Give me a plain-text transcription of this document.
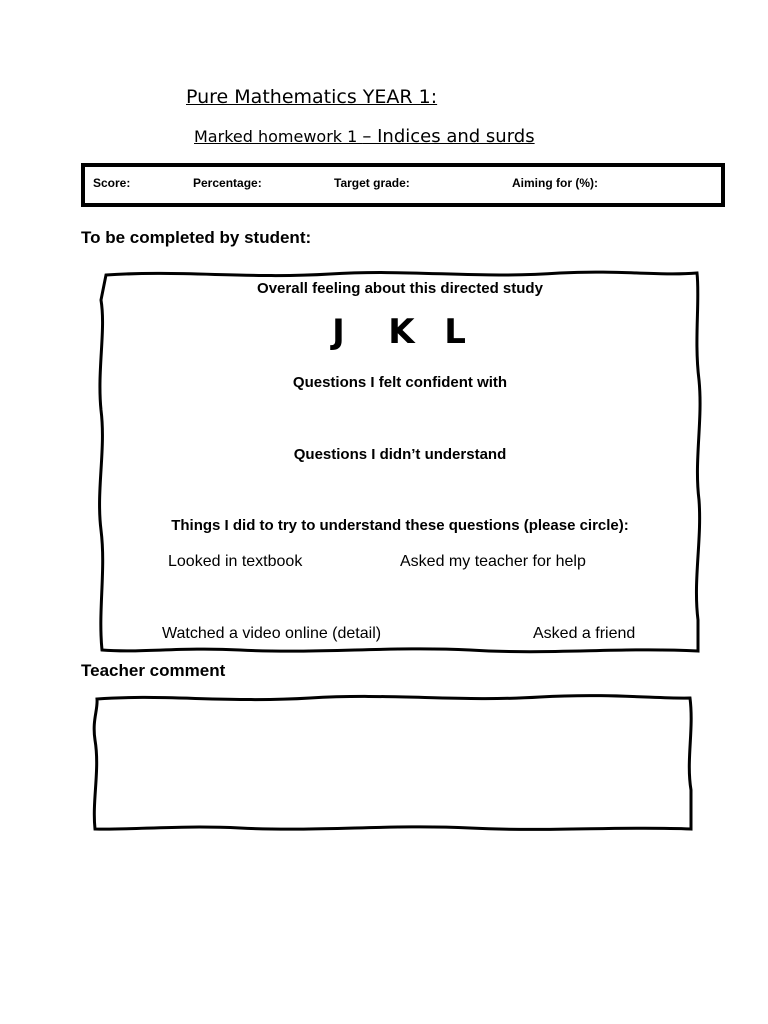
Pure Mathematics YEAR 1:
Marked homework 1 – Indices and surds
Score:	Percentage:	Target grade:	Aiming for (%):
To be completed by student:
Overall feeling about this directed study
J   K  L
Questions I felt confident with
Questions I didn’t understand
Things I did to try to understand these questions (please circle):
Looked in textbook	Asked my teacher for help
Watched a video online (detail)	Asked a friend
Teacher comment
